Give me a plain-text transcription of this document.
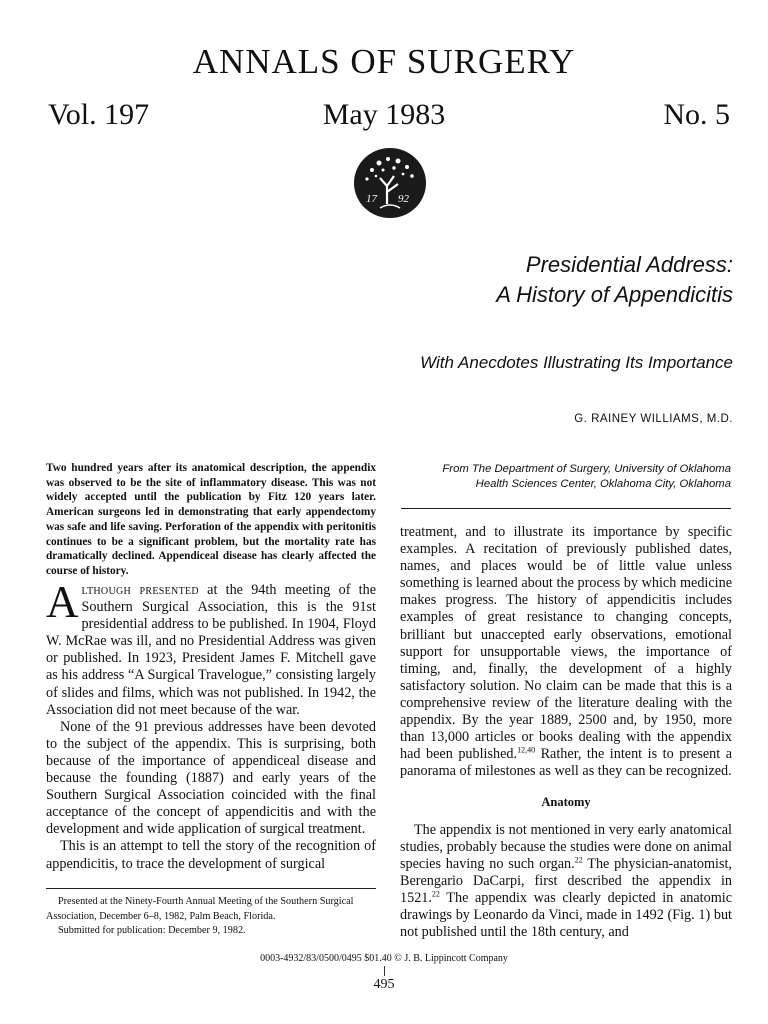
ANNALS OF SURGERY
Vol. 197	May 1983	No. 5
17 92
Presidential Address:
A History of Appendicitis
With Anecdotes Illustrating Its Importance
G. RAINEY WILLIAMS, M.D.
Two hundred years after its anatomical description, the appendix was observed to be the site of inflammatory disease. This was not widely accepted until the publication by Fitz 120 years later. American surgeons led in demonstrating that early appendectomy was safe and life saving. Perforation of the appendix with peritonitis continues to be a significant problem, but the mortality rate has dramatically declined. Appendiceal disease has clearly affected the course of history.
From The Department of Surgery, University of Oklahoma
Health Sciences Center, Oklahoma City, Oklahoma

Although presented at the 94th meeting of the Southern Surgical Association, this is the 91st presidential address to be published. In 1904, Floyd W. McRae was ill, and no Presidential Address was given or published. In 1923, President James F. Mitchell gave as his address “A Surgical Travelogue,” consisting largely of slides and films, which was not published. In 1942, the Association did not meet because of the war.

None of the 91 previous addresses have been devoted to the subject of the appendix. This is surprising, both because of the importance of appendiceal disease and because the founding (1887) and early years of the Southern Surgical Association coincided with the final acceptance of the concept of appendicitis and with the development and wide application of surgical treatment.

This is an attempt to tell the story of the recognition of appendicitis, to trace the development of surgical

treatment, and to illustrate its importance by specific examples. A recitation of previously published dates, names, and places would be of little value unless something is learned about the process by which medicine makes progress. The history of appendicitis includes examples of great resistance to changing concepts, brilliant but unaccepted early observations, emotional support for unsupportable views, the importance of timing, and, finally, the development of a highly satisfactory solution. No claim can be made that this is a comprehensive review of the literature dealing with the appendix. By the year 1889, 2500 and, by 1950, more than 13,000 articles or books dealing with the appendix had been published.$^{12,40}$ Rather, the intent is to present a panorama of milestones as well as they can be recognized.

Anatomy

The appendix is not mentioned in very early anatomical studies, probably because the studies were done on animal species having no such organ.$^{22}$ The physician-anatomist, Berengario DaCarpi, first described the appendix in 1521.22 The appendix was clearly depicted in anatomic drawings by Leonardo da Vinci, made in 1492 (Fig. 1) but not published until the 18th century, and

Presented at the Ninety-Fourth Annual Meeting of the Southern Surgical Association, December 6–8, 1982, Palm Beach, Florida.

Submitted for publication: December 9, 1982.

0003-4932/83/0500/0495 $01.40 © J. B. Lippincott Company
495
